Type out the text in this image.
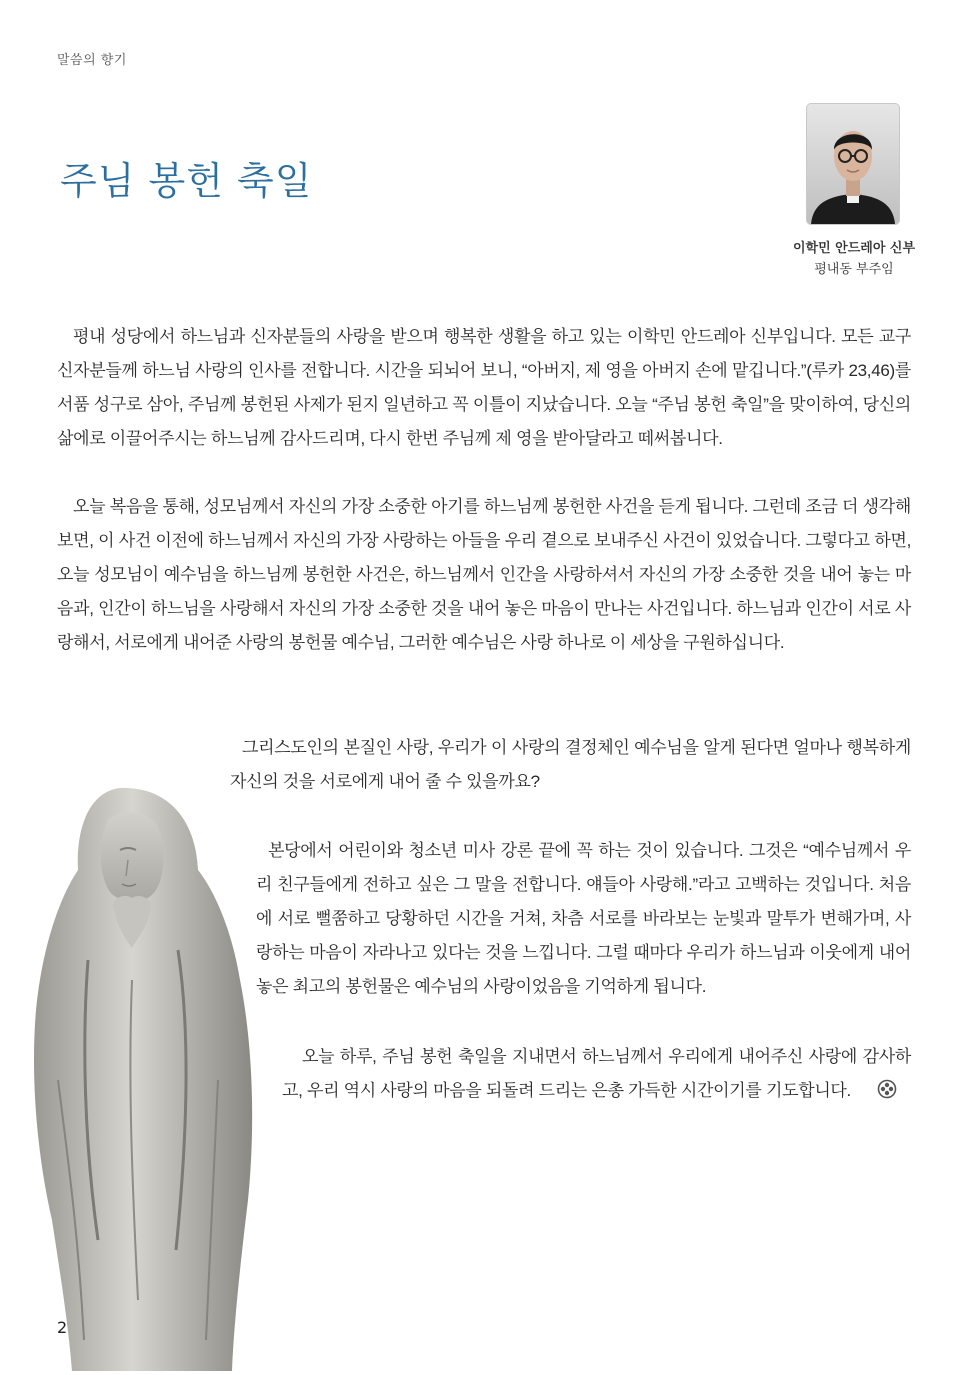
말씀의 향기
주님 봉헌 축일
이학민 안드레아 신부
평내동 부주임

평내 성당에서 하느님과 신자분들의 사랑을 받으며 행복한 생활을 하고 있는 이학민 안드레아 신부입니다. 모든 교구 신자분들께 하느님 사랑의 인사를 전합니다. 시간을 되뇌어 보니, “아버지, 제 영을 아버지 손에 맡깁니다.”(루카 23,46)를 서품 성구로 삼아, 주님께 봉헌된 사제가 된지 일년하고 꼭 이틀이 지났습니다. 오늘 “주님 봉헌 축일”을 맞이하여, 당신의 삶에로 이끌어주시는 하느님께 감사드리며, 다시 한번 주님께 제 영을 받아달라고 떼써봅니다.

오늘 복음을 통해, 성모님께서 자신의 가장 소중한 아기를 하느님께 봉헌한 사건을 듣게 됩니다. 그런데 조금 더 생각해보면, 이 사건 이전에 하느님께서 자신의 가장 사랑하는 아들을 우리 곁으로 보내주신 사건이 있었습니다. 그렇다고 하면, 오늘 성모님이 예수님을 하느님께 봉헌한 사건은, 하느님께서 인간을 사랑하셔서 자신의 가장 소중한 것을 내어 놓는 마음과, 인간이 하느님을 사랑해서 자신의 가장 소중한 것을 내어 놓은 마음이 만나는 사건입니다. 하느님과 인간이 서로 사랑해서, 서로에게 내어준 사랑의 봉헌물 예수님, 그러한 예수님은 사랑 하나로 이 세상을 구원하십니다.

그리스도인의 본질인 사랑, 우리가 이 사랑의 결정체인 예수님을 알게 된다면 얼마나 행복하게 자신의 것을 서로에게 내어 줄 수 있을까요?

본당에서 어린이와 청소년 미사 강론 끝에 꼭 하는 것이 있습니다. 그것은 “예수님께서 우리 친구들에게 전하고 싶은 그 말을 전합니다. 얘들아 사랑해.”라고 고백하는 것입니다. 처음에 서로 뻘쭘하고 당황하던 시간을 거쳐, 차츰 서로를 바라보는 눈빛과 말투가 변해가며, 사랑하는 마음이 자라나고 있다는 것을 느낍니다. 그럴 때마다 우리가 하느님과 이웃에게 내어 놓은 최고의 봉헌물은 예수님의 사랑이었음을 기억하게 됩니다.

오늘 하루, 주님 봉헌 축일을 지내면서 하느님께서 우리에게 내어주신 사랑에 감사하고, 우리 역시 사랑의 마음을 되돌려 드리는 은총 가득한 시간이기를 기도합니다.

2
